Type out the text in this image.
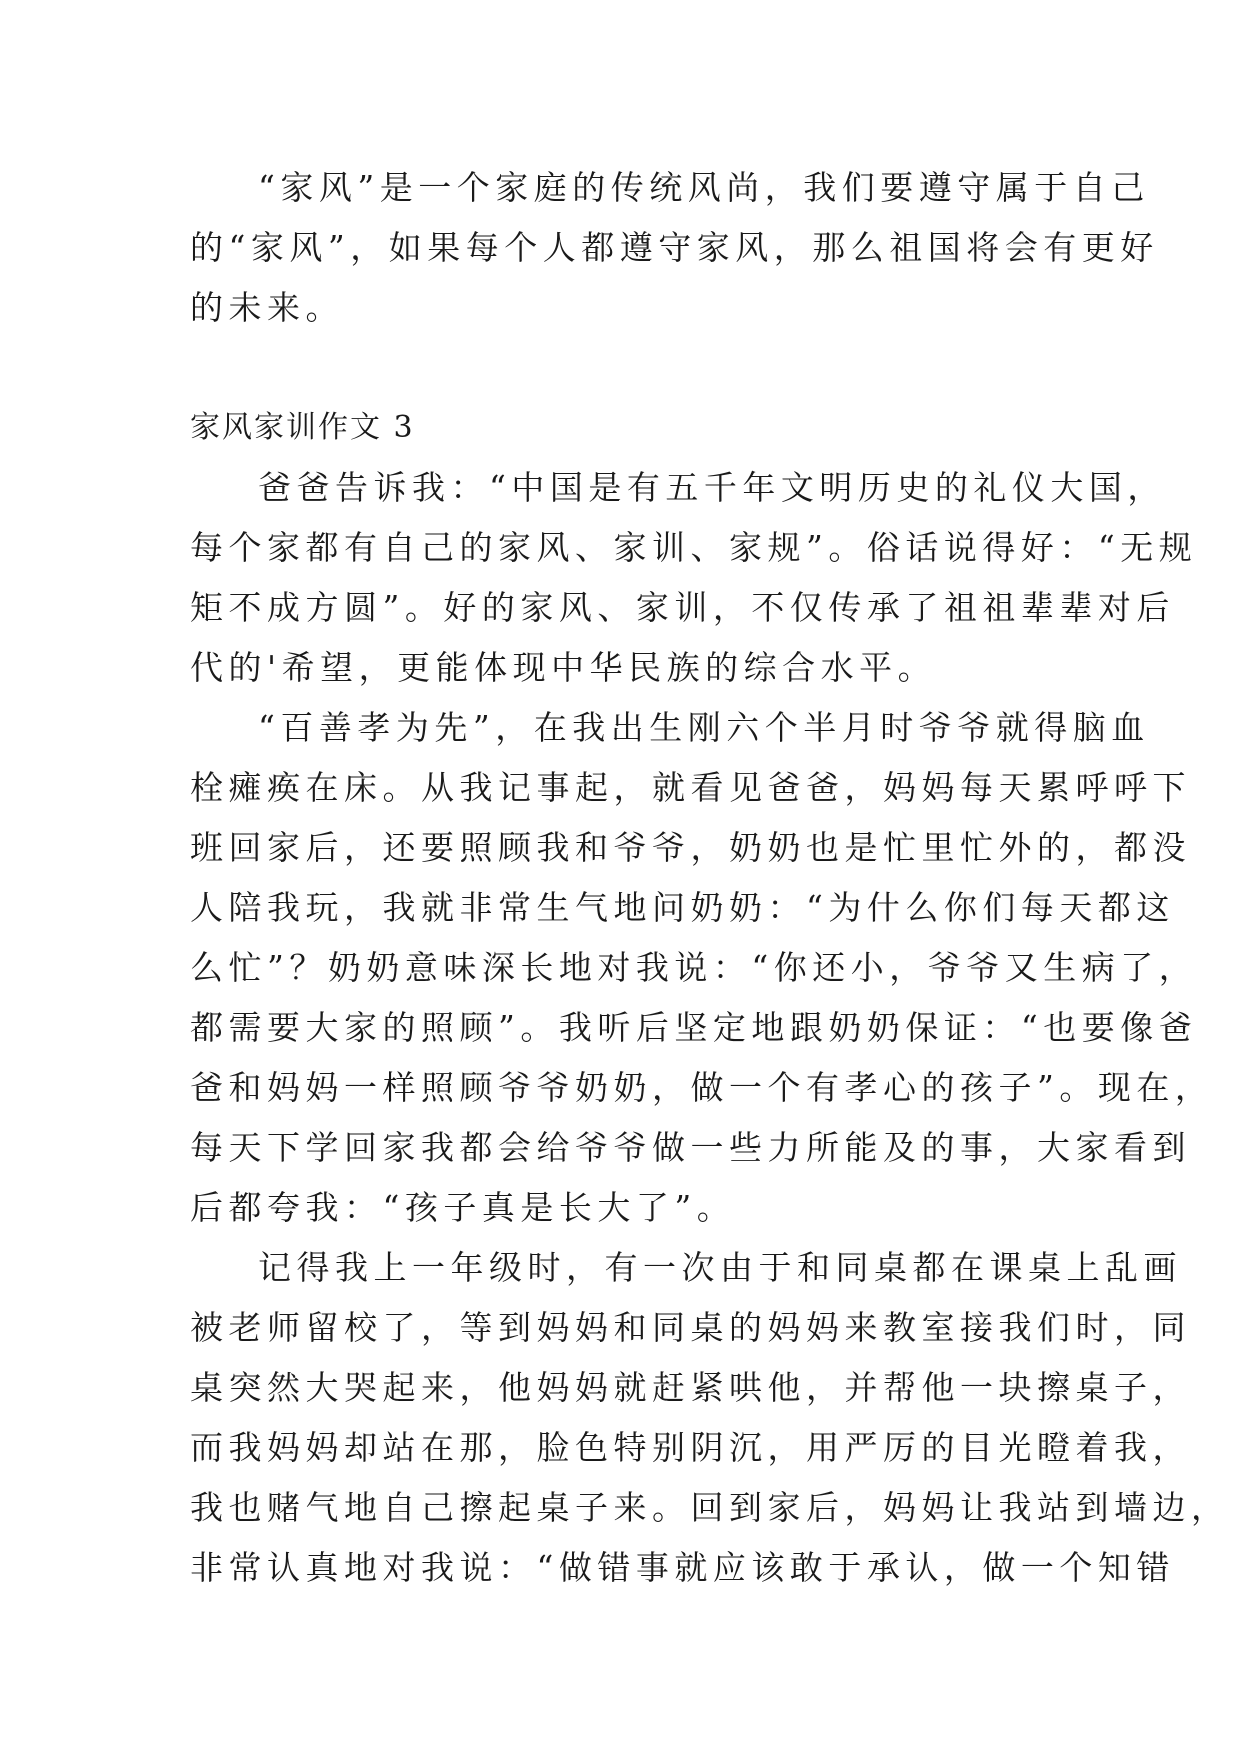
“家风”是一个家庭的传统风尚，我们要遵守属于自己
的“家风”，如果每个人都遵守家风，那么祖国将会有更好
的未来。
家风家训作文 3
爸爸告诉我：“中国是有五千年文明历史的礼仪大国，
每个家都有自己的家风、家训、家规”。俗话说得好：“无规
矩不成方圆”。好的家风、家训，不仅传承了祖祖辈辈对后
代的'希望，更能体现中华民族的综合水平。
“百善孝为先”，在我出生刚六个半月时爷爷就得脑血
栓瘫痪在床。从我记事起，就看见爸爸，妈妈每天累呼呼下
班回家后，还要照顾我和爷爷，奶奶也是忙里忙外的，都没
人陪我玩，我就非常生气地问奶奶：“为什么你们每天都这
么忙”？奶奶意味深长地对我说：“你还小，爷爷又生病了，
都需要大家的照顾”。我听后坚定地跟奶奶保证：“也要像爸
爸和妈妈一样照顾爷爷奶奶，做一个有孝心的孩子”。现在，
每天下学回家我都会给爷爷做一些力所能及的事，大家看到
后都夸我：“孩子真是长大了”。
记得我上一年级时，有一次由于和同桌都在课桌上乱画
被老师留校了，等到妈妈和同桌的妈妈来教室接我们时，同
桌突然大哭起来，他妈妈就赶紧哄他，并帮他一块擦桌子，
而我妈妈却站在那，脸色特别阴沉，用严厉的目光瞪着我，
我也赌气地自己擦起桌子来。回到家后，妈妈让我站到墙边，
非常认真地对我说：“做错事就应该敢于承认，做一个知错
